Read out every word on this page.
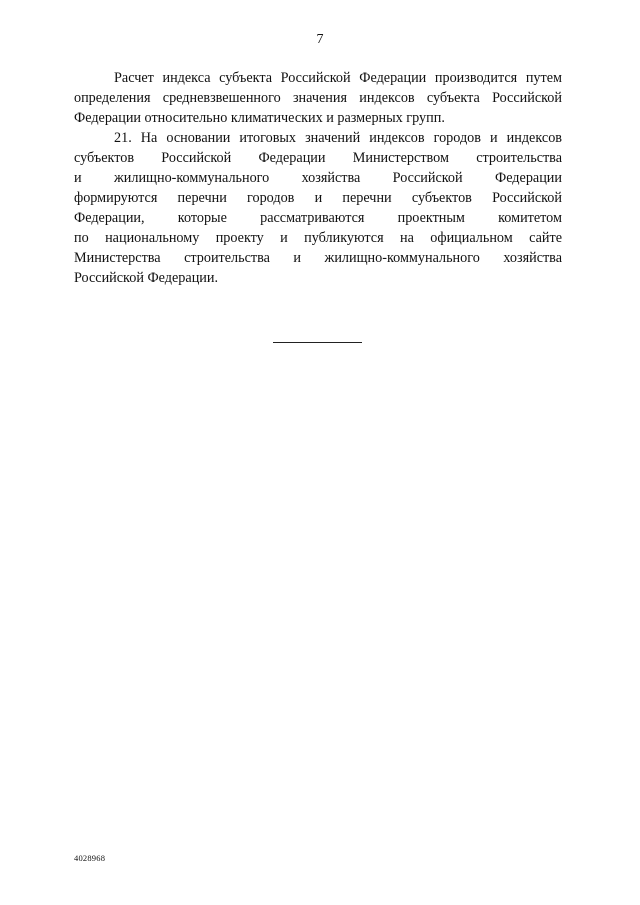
7

Расчет индекса субъекта Российской Федерации производится путем
определения средневзвешенного значения индексов субъекта Российской
Федерации относительно климатических и размерных групп.

21. На основании итоговых значений индексов городов и индексов
субъектов Российской Федерации Министерством строительства
и жилищно-коммунального хозяйства Российской Федерации
формируются перечни городов и перечни субъектов Российской
Федерации, которые рассматриваются проектным комитетом
по национальному проекту и публикуются на официальном сайте
Министерства строительства и жилищно-коммунального хозяйства
Российской Федерации.

4028968
